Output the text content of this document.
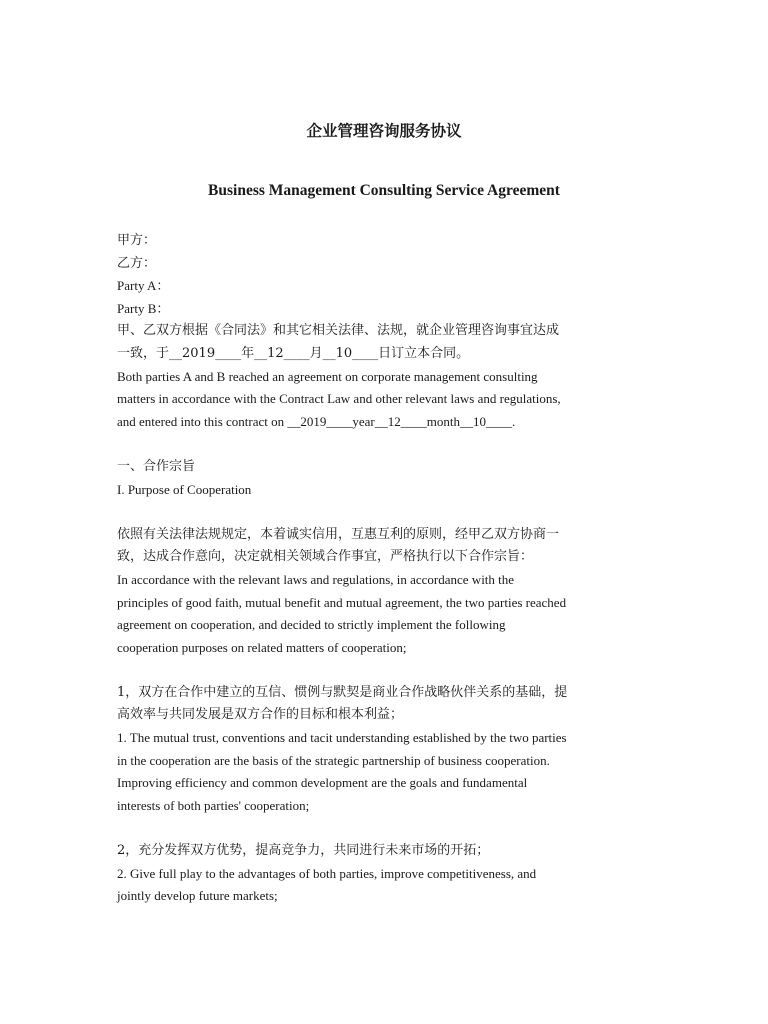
企业管理咨询服务协议
Business Management Consulting Service Agreement
甲方：
乙方：
Party A：
Party B：
甲、乙双方根据《合同法》和其它相关法律、法规，就企业管理咨询事宜达成
一致，于__2019____年__12____月__10____日订立本合同。
Both parties A and B reached an agreement on corporate management consulting
matters in accordance with the Contract Law and other relevant laws and regulations,
and entered into this contract on __2019____year__12____month__10____.
一、合作宗旨
I. Purpose of Cooperation
依照有关法律法规规定，本着诚实信用，互惠互利的原则，经甲乙双方协商一
致，达成合作意向，决定就相关领域合作事宜，严格执行以下合作宗旨：
In accordance with the relevant laws and regulations, in accordance with the
principles of good faith, mutual benefit and mutual agreement, the two parties reached
agreement on cooperation, and decided to strictly implement the following
cooperation purposes on related matters of cooperation;
1，双方在合作中建立的互信、惯例与默契是商业合作战略伙伴关系的基础，提
高效率与共同发展是双方合作的目标和根本利益；
1. The mutual trust, conventions and tacit understanding established by the two parties
in the cooperation are the basis of the strategic partnership of business cooperation.
Improving efficiency and common development are the goals and fundamental
interests of both parties' cooperation;
2，充分发挥双方优势，提高竞争力，共同进行未来市场的开拓；
2. Give full play to the advantages of both parties, improve competitiveness, and
jointly develop future markets;
